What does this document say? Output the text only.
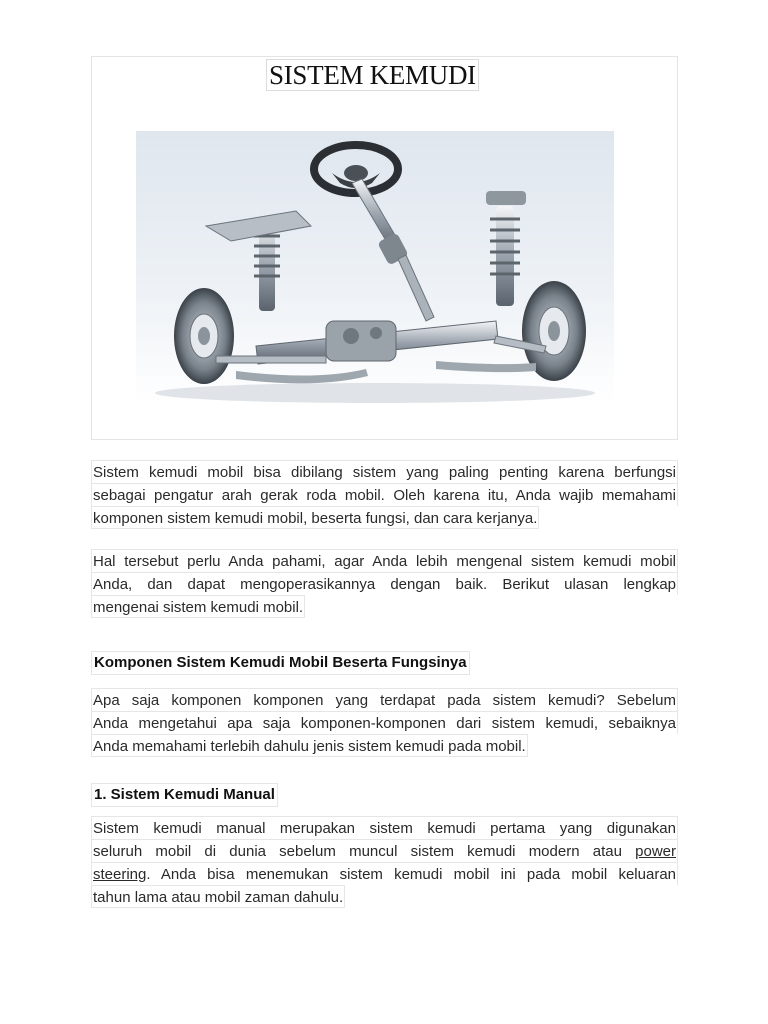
SISTEM KEMUDI
Sistem kemudi mobil bisa dibilang sistem yang paling penting karena berfungsi
sebagai pengatur arah gerak roda mobil. Oleh karena itu, Anda wajib memahami
komponen sistem kemudi mobil, beserta fungsi, dan cara kerjanya.
Hal tersebut perlu Anda pahami, agar Anda lebih mengenal sistem kemudi mobil
Anda, dan dapat mengoperasikannya dengan baik. Berikut ulasan lengkap
mengenai sistem kemudi mobil.
Komponen Sistem Kemudi Mobil Beserta Fungsinya
Apa saja komponen komponen yang terdapat pada sistem kemudi? Sebelum
Anda mengetahui apa saja komponen-komponen dari sistem kemudi, sebaiknya
Anda memahami terlebih dahulu jenis sistem kemudi pada mobil.
1. Sistem Kemudi Manual
Sistem kemudi manual merupakan sistem kemudi pertama yang digunakan
seluruh mobil di dunia sebelum muncul sistem kemudi modern atau power
steering. Anda bisa menemukan sistem kemudi mobil ini pada mobil keluaran
tahun lama atau mobil zaman dahulu.
